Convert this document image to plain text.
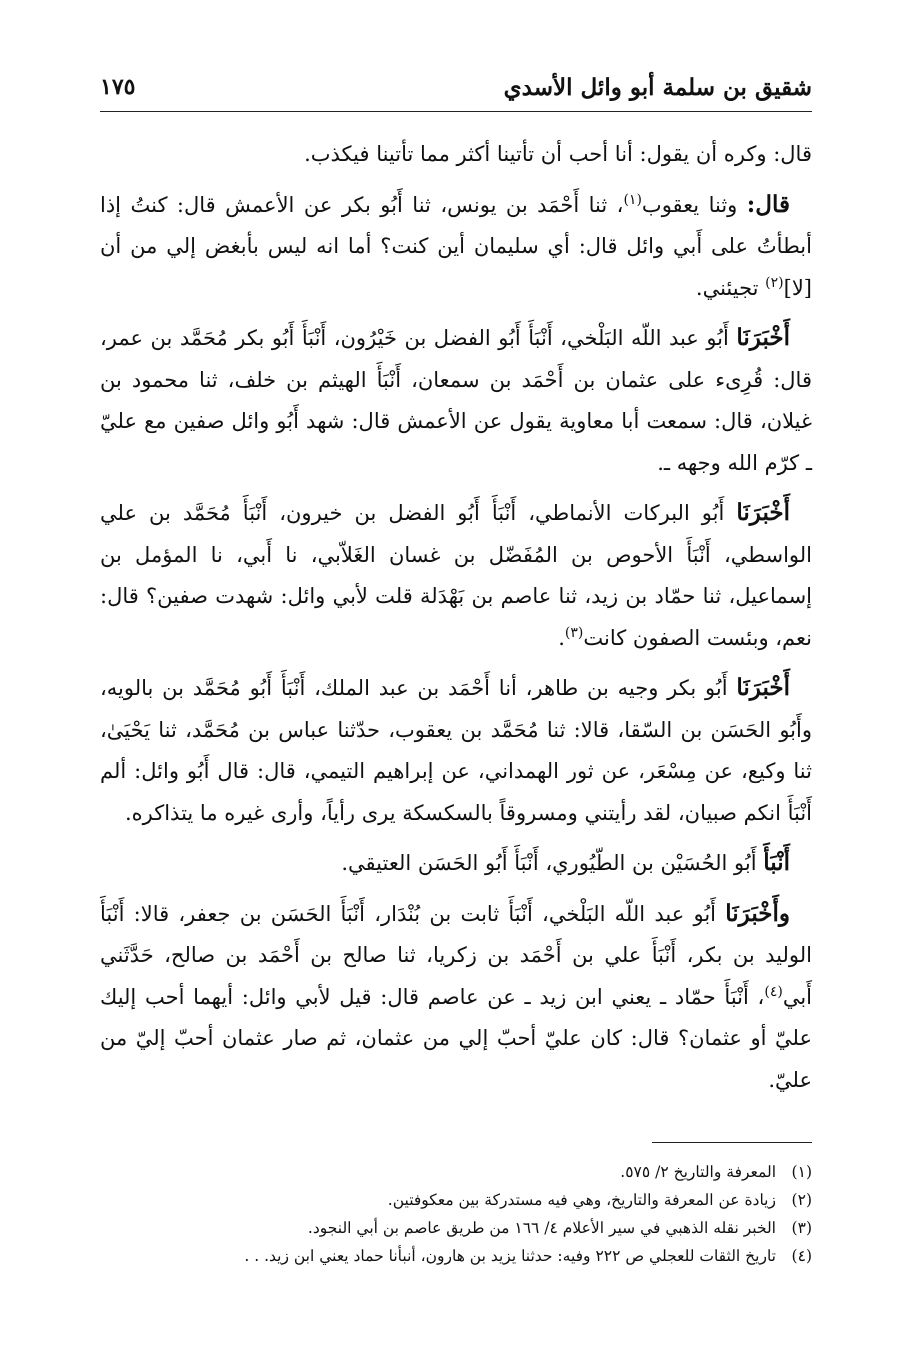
شقيق بن سلمة أبو وائل الأسدي
١٧٥

قال: وكره أن يقول: أنا أحب أن تأتينا أكثر مما تأتينا فيكذب.

قال: وثنا يعقوب$^{(١)}$، ثنا أَحْمَد بن يونس، ثنا أَبُو بكر عن الأعمش قال: كنتُ إذا أبطأتُ على أَبي وائل قال: أي سليمان أين كنت؟ أما انه ليس بأبغض إلي من أن [لا]$^{(٢)}$ تجيئني.

أَخْبَرَنَا أَبُو عبد اللّه البَلْخي، أَنْبَأَ أَبُو الفضل بن خَيْرُون، أَنْبَأَ أَبُو بكر مُحَمَّد بن عمر، قال: قُرِىء على عثمان بن أَحْمَد بن سمعان، أَنْبَأَ الهيثم بن خلف، ثنا محمود بن غيلان، قال: سمعت أبا معاوية يقول عن الأعمش قال: شهد أَبُو وائل صفين مع عليّ ـ كرّم الله وجهه ـ.

أَخْبَرَنَا أَبُو البركات الأنماطي، أَنْبَأَ أَبُو الفضل بن خيرون، أَنْبَأَ مُحَمَّد بن علي الواسطي، أَنْبَأَ الأحوص بن المُفَضّل بن غسان الغَلاّبي، نا أَبي، نا المؤمل بن إسماعيل، ثنا حمّاد بن زيد، ثنا عاصم بن بَهْدَلة قلت لأبي وائل: شهدت صفين؟ قال: نعم، وبئست الصفون كانت$^{(٣)}$.

أَخْبَرَنَا أَبُو بكر وجيه بن طاهر، أنا أَحْمَد بن عبد الملك، أَنْبَأَ أَبُو مُحَمَّد بن بالويه، وأَبُو الحَسَن بن السّقا، قالا: ثنا مُحَمَّد بن يعقوب، حدّثنا عباس بن مُحَمَّد، ثنا يَحْيَىٰ، ثنا وكيع، عن مِسْعَر، عن ثور الهمداني، عن إبراهيم التيمي، قال: قال أَبُو وائل: ألم أَنْبَأَ انكم صبيان، لقد رأيتني ومسروقاً بالسكسكة يرى رأياً، وأرى غيره ما يتذاكره.

أَنْبَأَ أَبُو الحُسَيْن بن الطّيُوري، أَنْبَأَ أَبُو الحَسَن العتيقي.

وأَخْبَرَنَا أَبُو عبد اللّه البَلْخي، أَنْبَأَ ثابت بن بُنْدَار، أَنْبَأَ الحَسَن بن جعفر، قالا: أَنْبَأَ الوليد بن بكر، أَنْبَأَ علي بن أَحْمَد بن زكريا، ثنا صالح بن أَحْمَد بن صالح، حَدَّثَني أَبي$^{(٤)}$، أَنْبَأَ حمّاد ـ يعني ابن زيد ـ عن عاصم قال: قيل لأبي وائل: أيهما أحب إليك عليّ أو عثمان؟ قال: كان عليّ أحبّ إلي من عثمان، ثم صار عثمان أحبّ إليّ من عليّ.

(١)المعرفة والتاريخ ٢/ ٥٧٥.
(٢)زيادة عن المعرفة والتاريخ، وهي فيه مستدركة بين معكوفتين.
(٣)الخبر نقله الذهبي في سير الأعلام ٤/ ١٦٦ من طريق عاصم بن أبي النجود.
(٤)تاريخ الثقات للعجلي ص ٢٢٢ وفيه: حدثنا يزيد بن هارون، أنبأنا حماد يعني ابن زيد. . .
